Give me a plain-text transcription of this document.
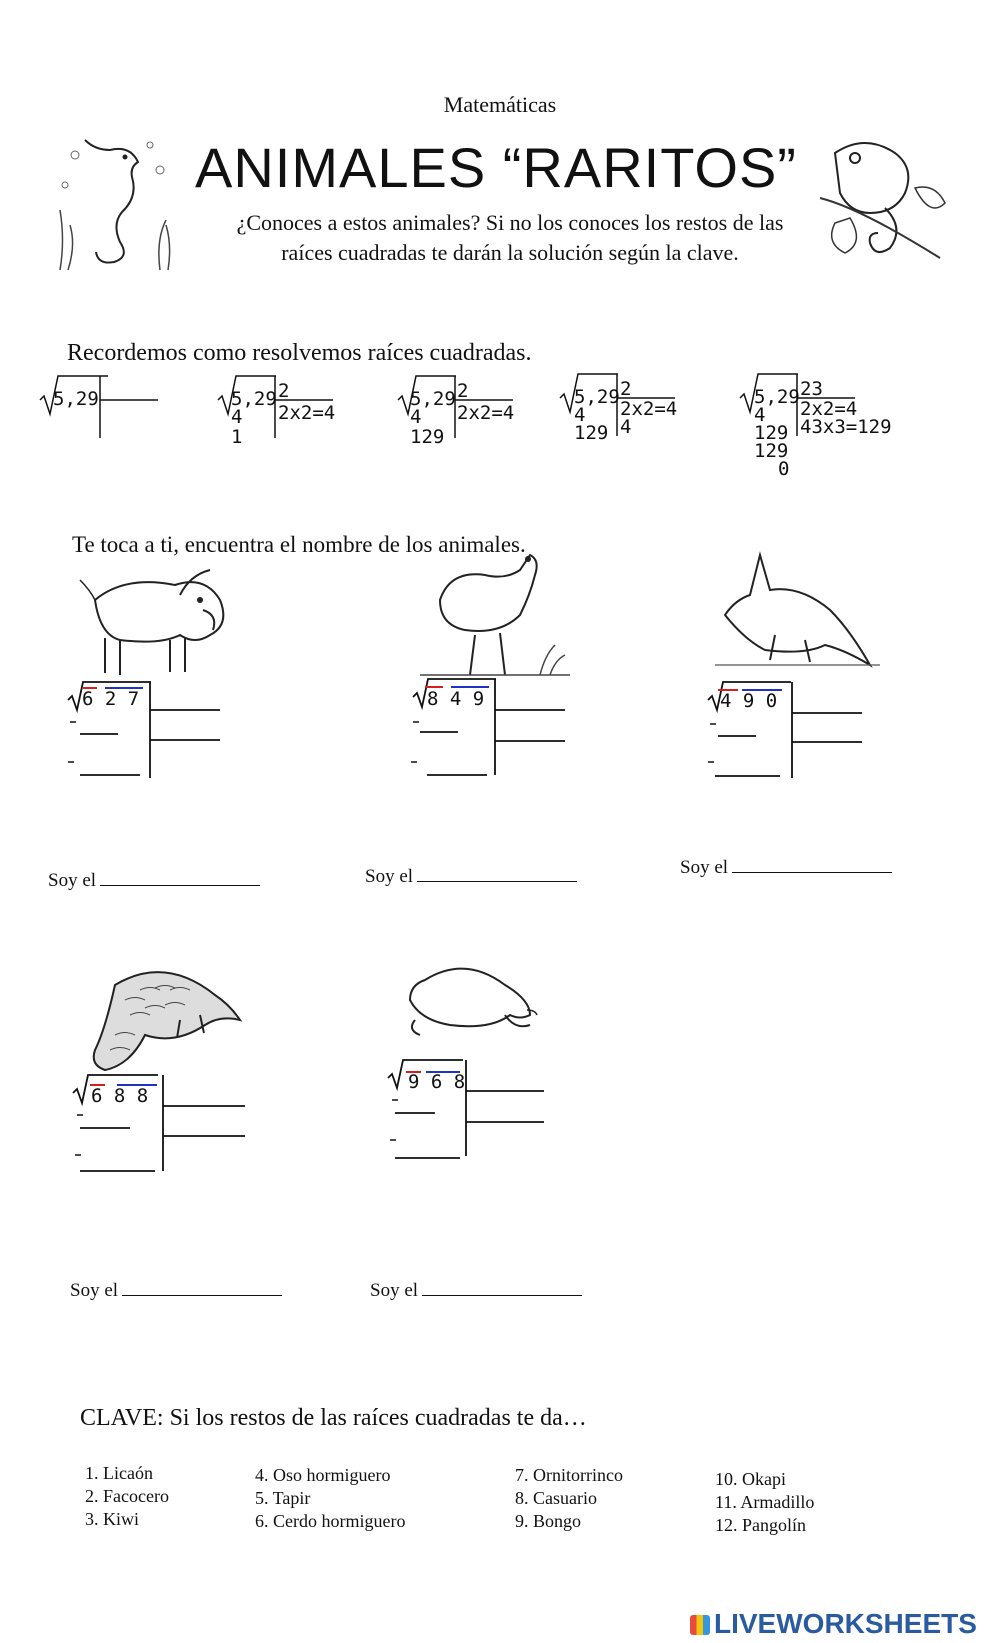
Matemáticas
ANIMALES “RARITOS”
¿Conoces a estos animales? Si no los conoces los restos de las raíces cuadradas te darán la solución según la clave.
Recordemos como resolvemos raíces cuadradas.
5,29	5,29 2
2x2=4
4
1
5,29 2
2x2=4
4
129
5,29 2
2x2=4
4
4
129
5,29 23
2x2=4
43x3=129
4
129
129
0
Te toca a ti, encuentra el nombre de los animales.
6 2 7	8 4 9	4 9 0
Soy el	Soy el	Soy el
6 8 8
9 6 8
Soy el	Soy el
CLAVE: Si los restos de las raíces cuadradas te da…
1. Licaón
2. Facocero
3. Kiwi
4. Oso hormiguero
5. Tapir
6. Cerdo hormiguero
7. Ornitorrinco
8. Casuario
9. Bongo
10. Okapi
11. Armadillo
12. Pangolín
LIVEWORKSHEETS
